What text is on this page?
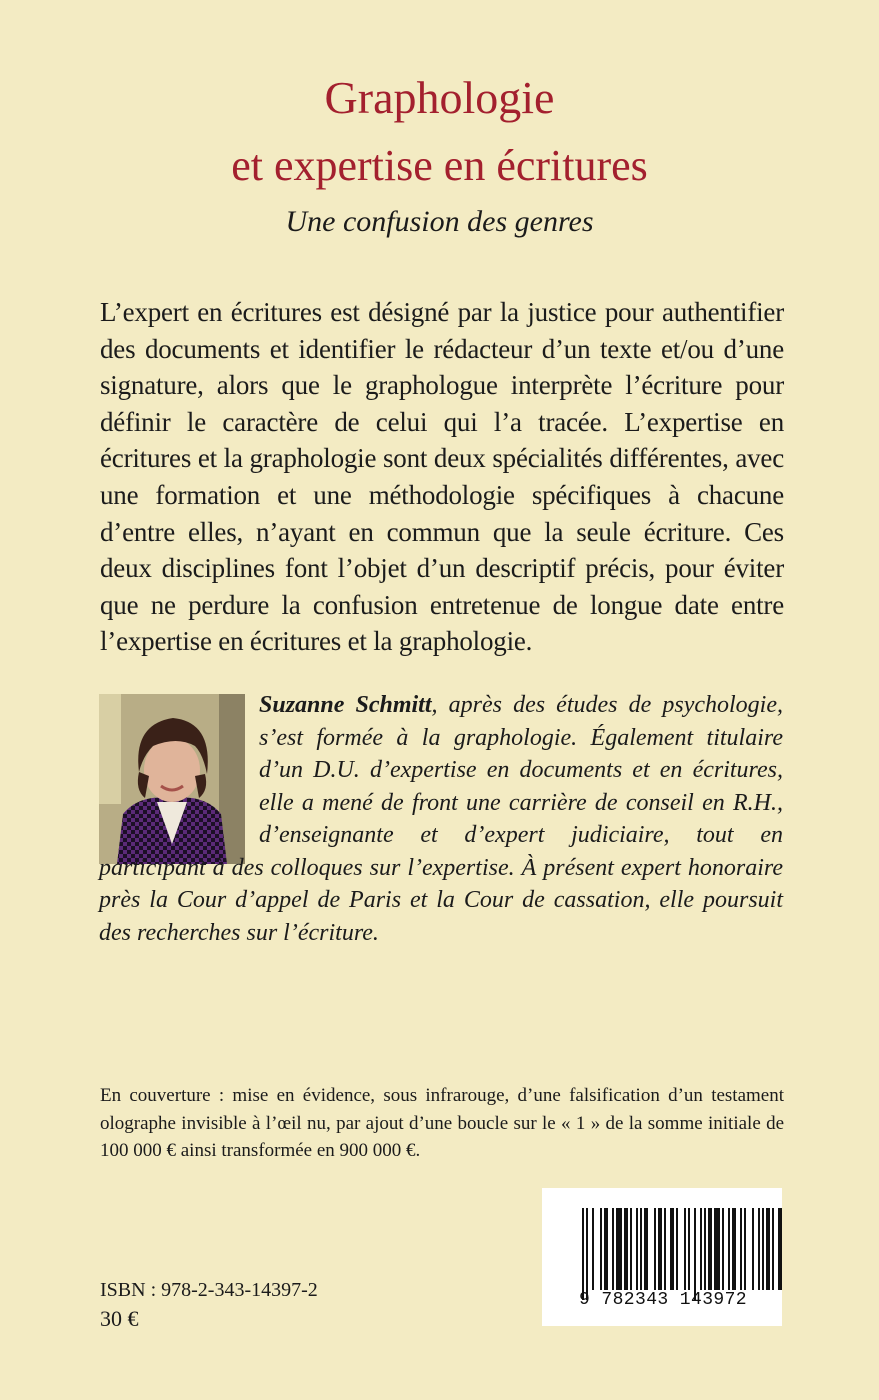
Graphologie
et expertise en écritures
Une confusion des genres

L’expert en écritures est désigné par la justice pour authentifier des documents et identifier le rédacteur d’un texte et/ou d’une signature, alors que le graphologue interprète l’écriture pour définir le caractère de celui qui l’a tracée. L’expertise en écritures et la graphologie sont deux spécialités différentes, avec une formation et une méthodologie spécifiques à chacune d’entre elles, n’ayant en commun que la seule écriture. Ces deux disciplines font l’objet d’un descriptif précis, pour éviter que ne perdure la confusion entretenue de longue date entre l’expertise en écritures et la graphologie.

Suzanne Schmitt, après des études de psychologie, s’est formée à la graphologie. Également titulaire d’un D.U. d’expertise en documents et en écritures, elle a mené de front une carrière de conseil en R.H., d’enseignante et d’expert judiciaire, tout en participant à des colloques sur l’expertise. À présent expert honoraire près la Cour d’appel de Paris et la Cour de cassation, elle poursuit des recherches sur l’écriture.

En couverture : mise en évidence, sous infrarouge, d’une falsification d’un testament olographe invisible à l’œil nu, par ajout d’une boucle sur le « 1 » de la somme initiale de 100 000 € ainsi transformée en 900 000 €.

ISBN : 978-2-343-14397-2
30 €
9 782343 143972
